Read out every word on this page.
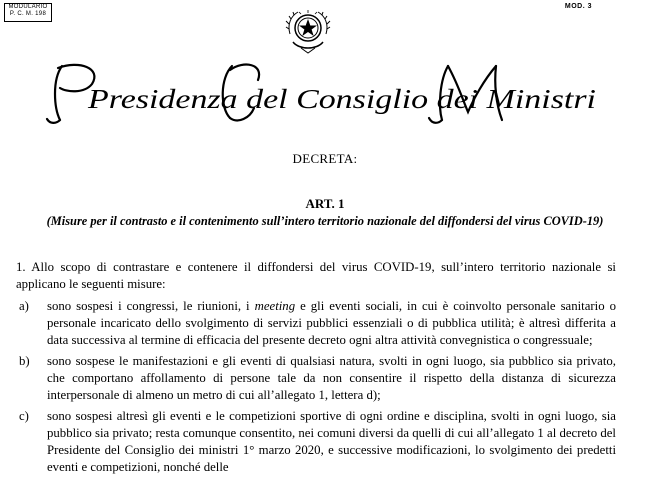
MODULARIO
P. C. M. 198
MOD. 3
Presidenza del Consiglio dei Ministri
DECRETA:
ART. 1
(Misure per il contrasto e il contenimento sull’intero territorio nazionale del diffondersi del virus COVID-19)

1. Allo scopo di contrastare e contenere il diffondersi del virus COVID-19, sull’intero territorio nazionale si applicano le seguenti misure:

a) sono sospesi i congressi, le riunioni, i meeting e gli eventi sociali, in cui è coinvolto personale sanitario o personale incaricato dello svolgimento di servizi pubblici essenziali o di pubblica utilità; è altresì differita a data successiva al termine di efficacia del presente decreto ogni altra attività convegnistica o congressuale;
b) sono sospese le manifestazioni e gli eventi di qualsiasi natura, svolti in ogni luogo, sia pubblico sia privato, che comportano affollamento di persone tale da non consentire il rispetto della distanza di sicurezza interpersonale di almeno un metro di cui all’allegato 1, lettera d);
c) sono sospesi altresì gli eventi e le competizioni sportive di ogni ordine e disciplina, svolti in ogni luogo, sia pubblico sia privato; resta comunque consentito, nei comuni diversi da quelli di cui all’allegato 1 al decreto del Presidente del Consiglio dei ministri 1° marzo 2020, e successive modificazioni, lo svolgimento dei predetti eventi e competizioni, nonché delle
